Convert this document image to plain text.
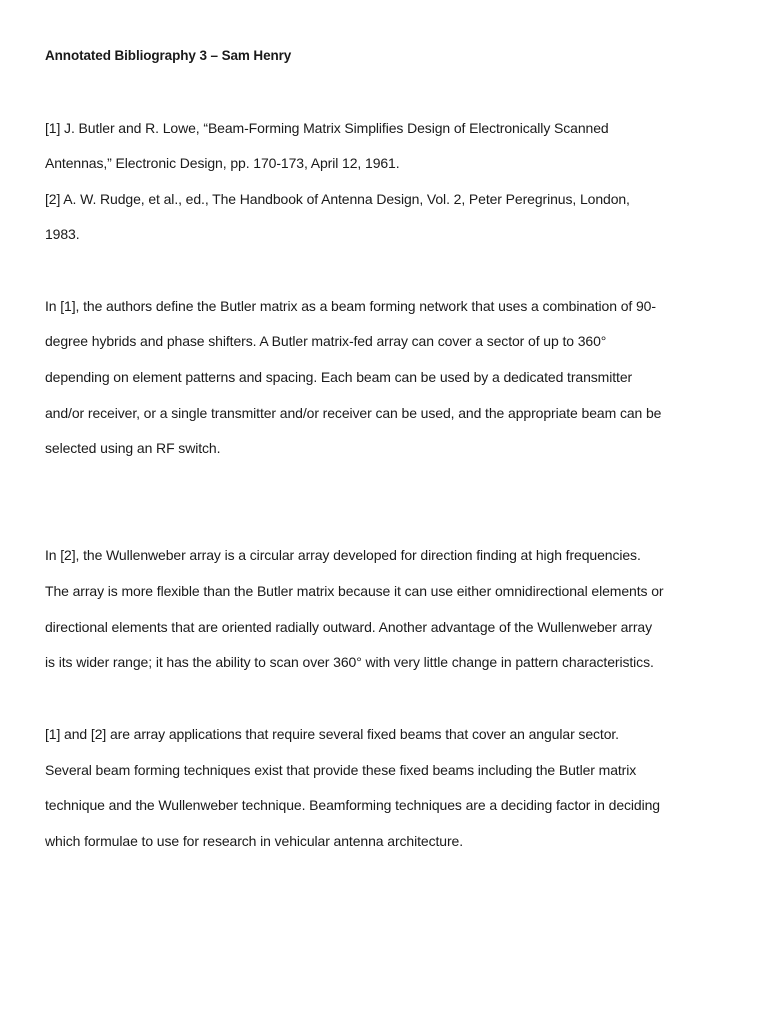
Annotated Bibliography 3 – Sam Henry
[1] J. Butler and R. Lowe, “Beam-Forming Matrix Simplifies Design of Electronically Scanned
Antennas,” Electronic Design, pp. 170-173, April 12, 1961.
[2] A. W. Rudge, et al., ed., The Handbook of Antenna Design, Vol. 2, Peter Peregrinus, London,
1983.
In [1], the authors define the Butler matrix as a beam forming network that uses a combination of 90-
degree hybrids and phase shifters. A Butler matrix-fed array can cover a sector of up to 360°
depending on element patterns and spacing. Each beam can be used by a dedicated transmitter
and/or receiver, or a single transmitter and/or receiver can be used, and the appropriate beam can be
selected using an RF switch.
In [2], the Wullenweber array is a circular array developed for direction finding at high frequencies.
The array is more flexible than the Butler matrix because it can use either omnidirectional elements or
directional elements that are oriented radially outward. Another advantage of the Wullenweber array
is its wider range; it has the ability to scan over 360° with very little change in pattern characteristics.
[1] and [2] are array applications that require several fixed beams that cover an angular sector.
Several beam forming techniques exist that provide these fixed beams including the Butler matrix
technique and the Wullenweber technique. Beamforming techniques are a deciding factor in deciding
which formulae to use for research in vehicular antenna architecture.
